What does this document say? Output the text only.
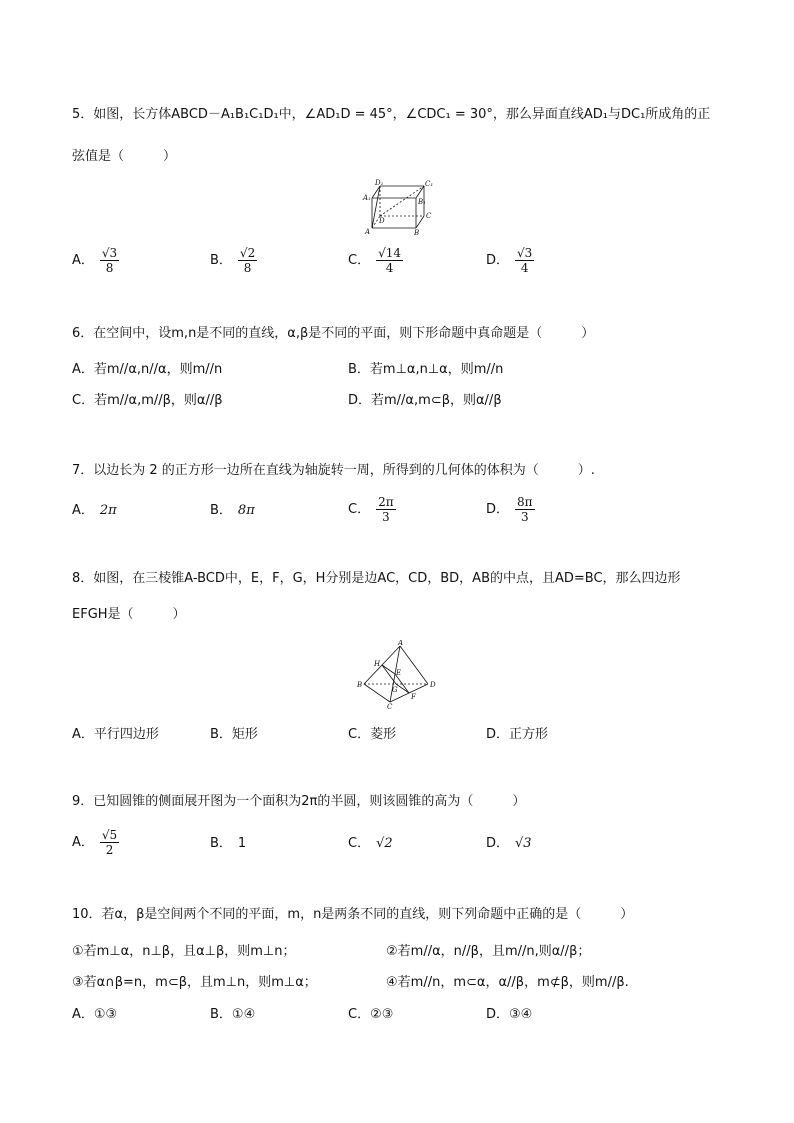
5．如图，长方体ABCD－A₁B₁C₁D₁中，∠AD₁D = 45°，∠CDC₁ = 30°，那么异面直线AD₁与DC₁所成角的正
弦值是（　　　）
D₁	C₁
A₁	B₁
D
C
A	B
A． $\frac{√3}{8}$	B． $\frac{√2}{8}$	C． $\frac{√14}{4}$	D． $\frac{√3}{4}$
6．在空间中，设m,n是不同的直线，α,β是不同的平面，则下形命题中真命题是（　　　）
A．若m//α,n//α，则m//n	B．若m⊥α,n⊥α，则m//n
C．若m//α,m//β，则α//β	D．若m//α,m⊂β，则α//β
7．以边长为 2 的正方形一边所在直线为轴旋转一周，所得到的几何体的体积为（　　　）.
A． 2π	B． 8π	C． $\frac{2\pi}{3}$	D． $\frac{8\pi}{3}$
8．如图，在三棱锥A-BCD中，E，F，G，H分别是边AC，CD，BD，AB的中点，且AD=BC，那么四边形
EFGH是（　　　）
A
H
E
B
G
D
C
F
A．平行四边形	B．矩形	C．菱形	D．正方形
9．已知圆锥的侧面展开图为一个面积为2π的半圆，则该圆锥的高为（　　　）
A． $\frac{√5}{2}$	B． 1	C． √2	D． √3
10．若α，β是空间两个不同的平面，m，n是两条不同的直线，则下列命题中正确的是（　　　）
①若m⊥α，n⊥β，且α⊥β，则m⊥n；	②若m//α，n//β，且m//n,则α//β；
③若α∩β=n，m⊂β，且m⊥n，则m⊥α；	④若m//n，m⊂α，α//β，m⊄β，则m//β.
A．①③	B．①④	C．②③	D．③④
